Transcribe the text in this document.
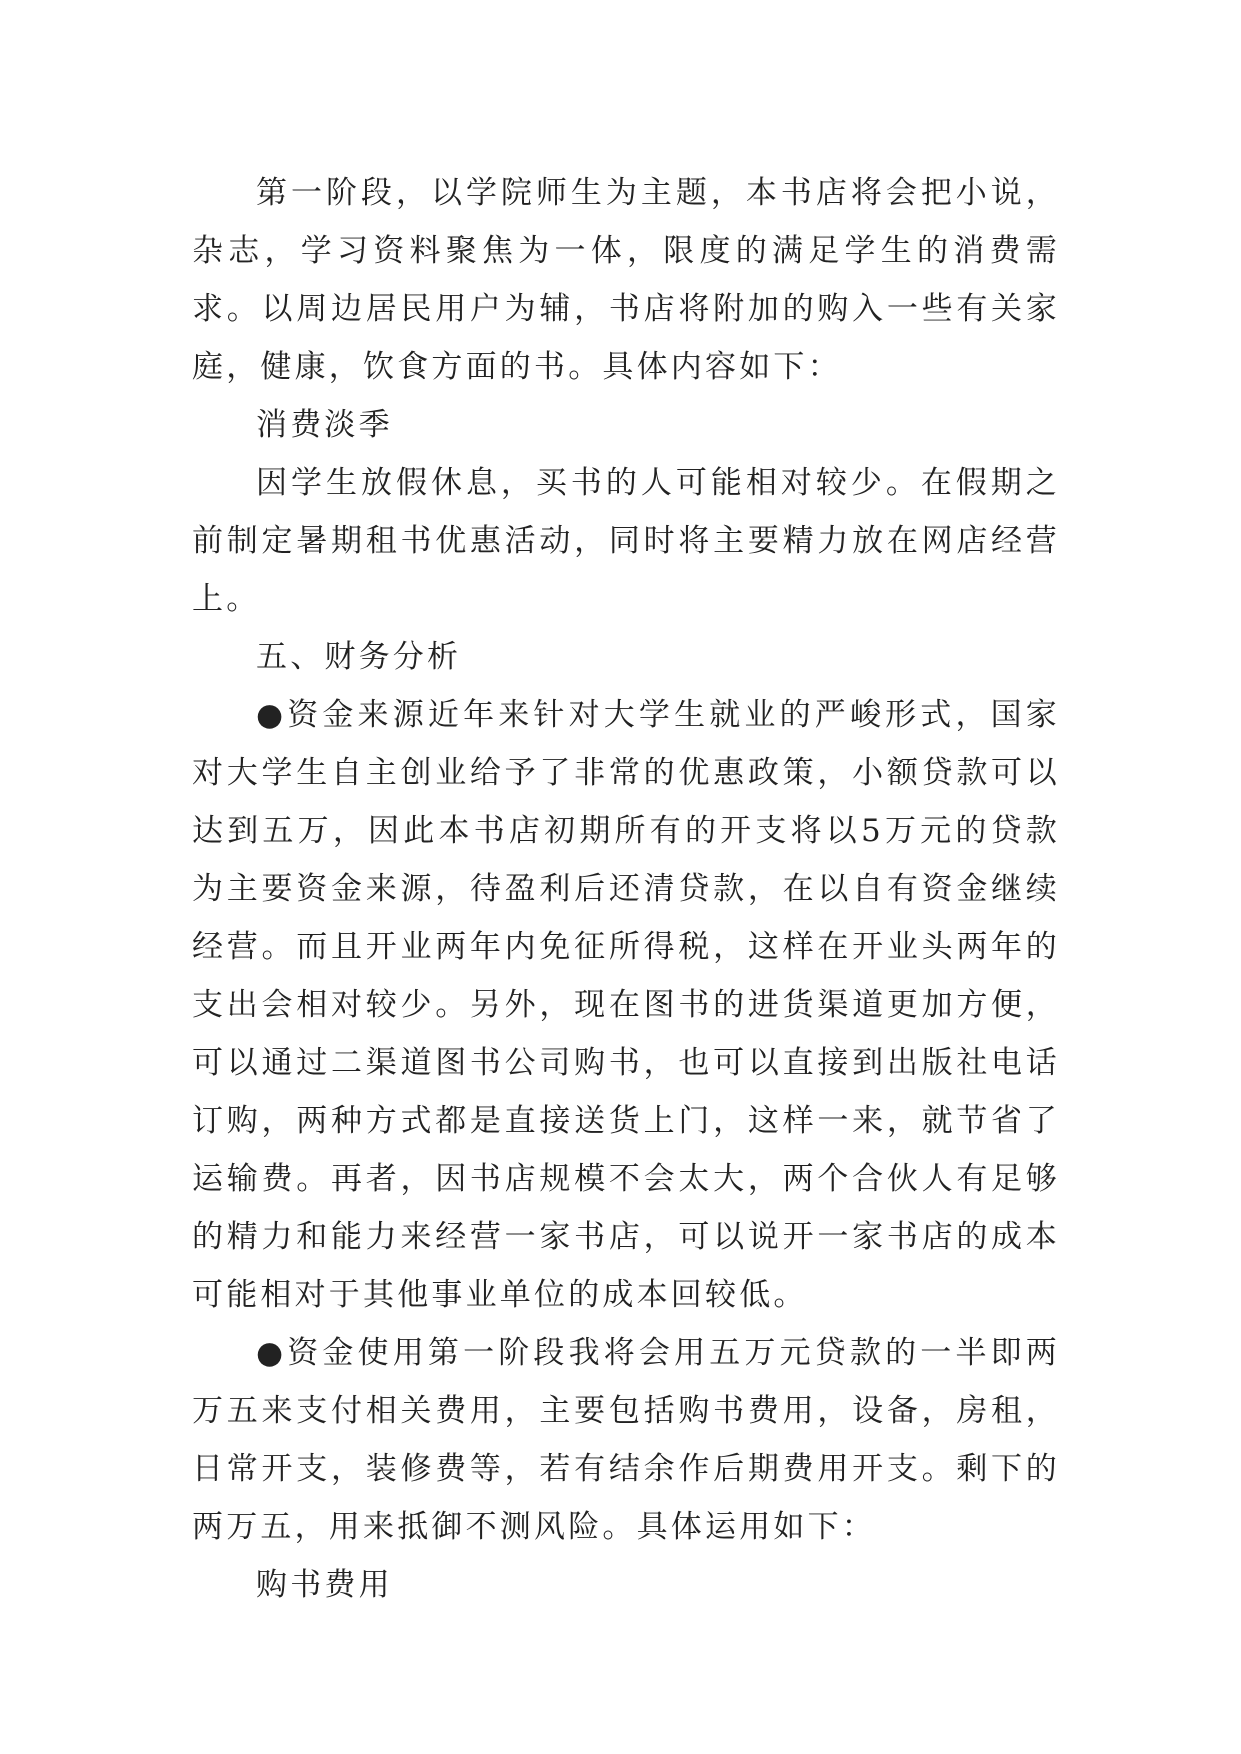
第一阶段，以学院师生为主题，本书店将会把小说，杂志，学习资料聚焦为一体，限度的满足学生的消费需求。以周边居民用户为辅，书店将附加的购入一些有关家庭，健康，饮食方面的书。具体内容如下：

消费淡季

因学生放假休息，买书的人可能相对较少。在假期之前制定暑期租书优惠活动，同时将主要精力放在网店经营上。

五、财务分析

●资金来源近年来针对大学生就业的严峻形式，国家对大学生自主创业给予了非常的优惠政策，小额贷款可以达到五万，因此本书店初期所有的开支将以5万元的贷款为主要资金来源，待盈利后还清贷款，在以自有资金继续经营。而且开业两年内免征所得税，这样在开业头两年的支出会相对较少。另外，现在图书的进货渠道更加方便，可以通过二渠道图书公司购书，也可以直接到出版社电话订购，两种方式都是直接送货上门，这样一来，就节省了运输费。再者，因书店规模不会太大，两个合伙人有足够的精力和能力来经营一家书店，可以说开一家书店的成本可能相对于其他事业单位的成本回较低。

●资金使用第一阶段我将会用五万元贷款的一半即两万五来支付相关费用，主要包括购书费用，设备，房租，日常开支，装修费等，若有结余作后期费用开支。剩下的两万五，用来抵御不测风险。具体运用如下：

购书费用
